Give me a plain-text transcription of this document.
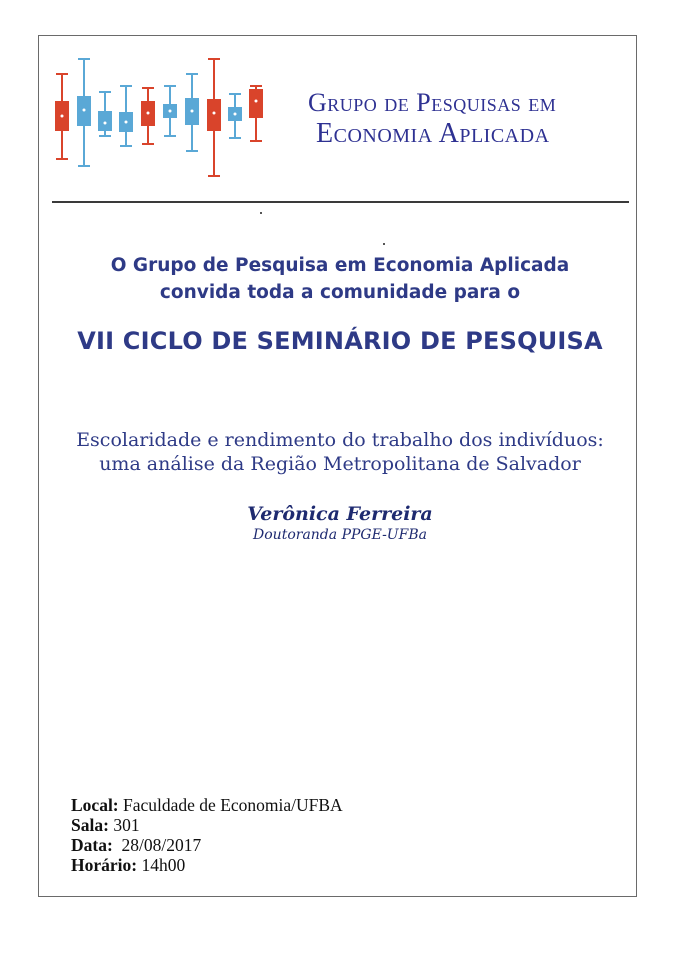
Grupo de Pesquisas em
Economia Aplicada
O Grupo de Pesquisa em Economia Aplicada
convida toda a comunidade para o
VII CICLO DE SEMINÁRIO DE PESQUISA
Escolaridade e rendimento do trabalho dos indivíduos:
uma análise da Região Metropolitana de Salvador
Verônica Ferreira
Doutoranda PPGE-UFBa
Local: Faculdade de Economia/UFBA
Sala: 301
Data:  28/08/2017
Horário: 14h00
